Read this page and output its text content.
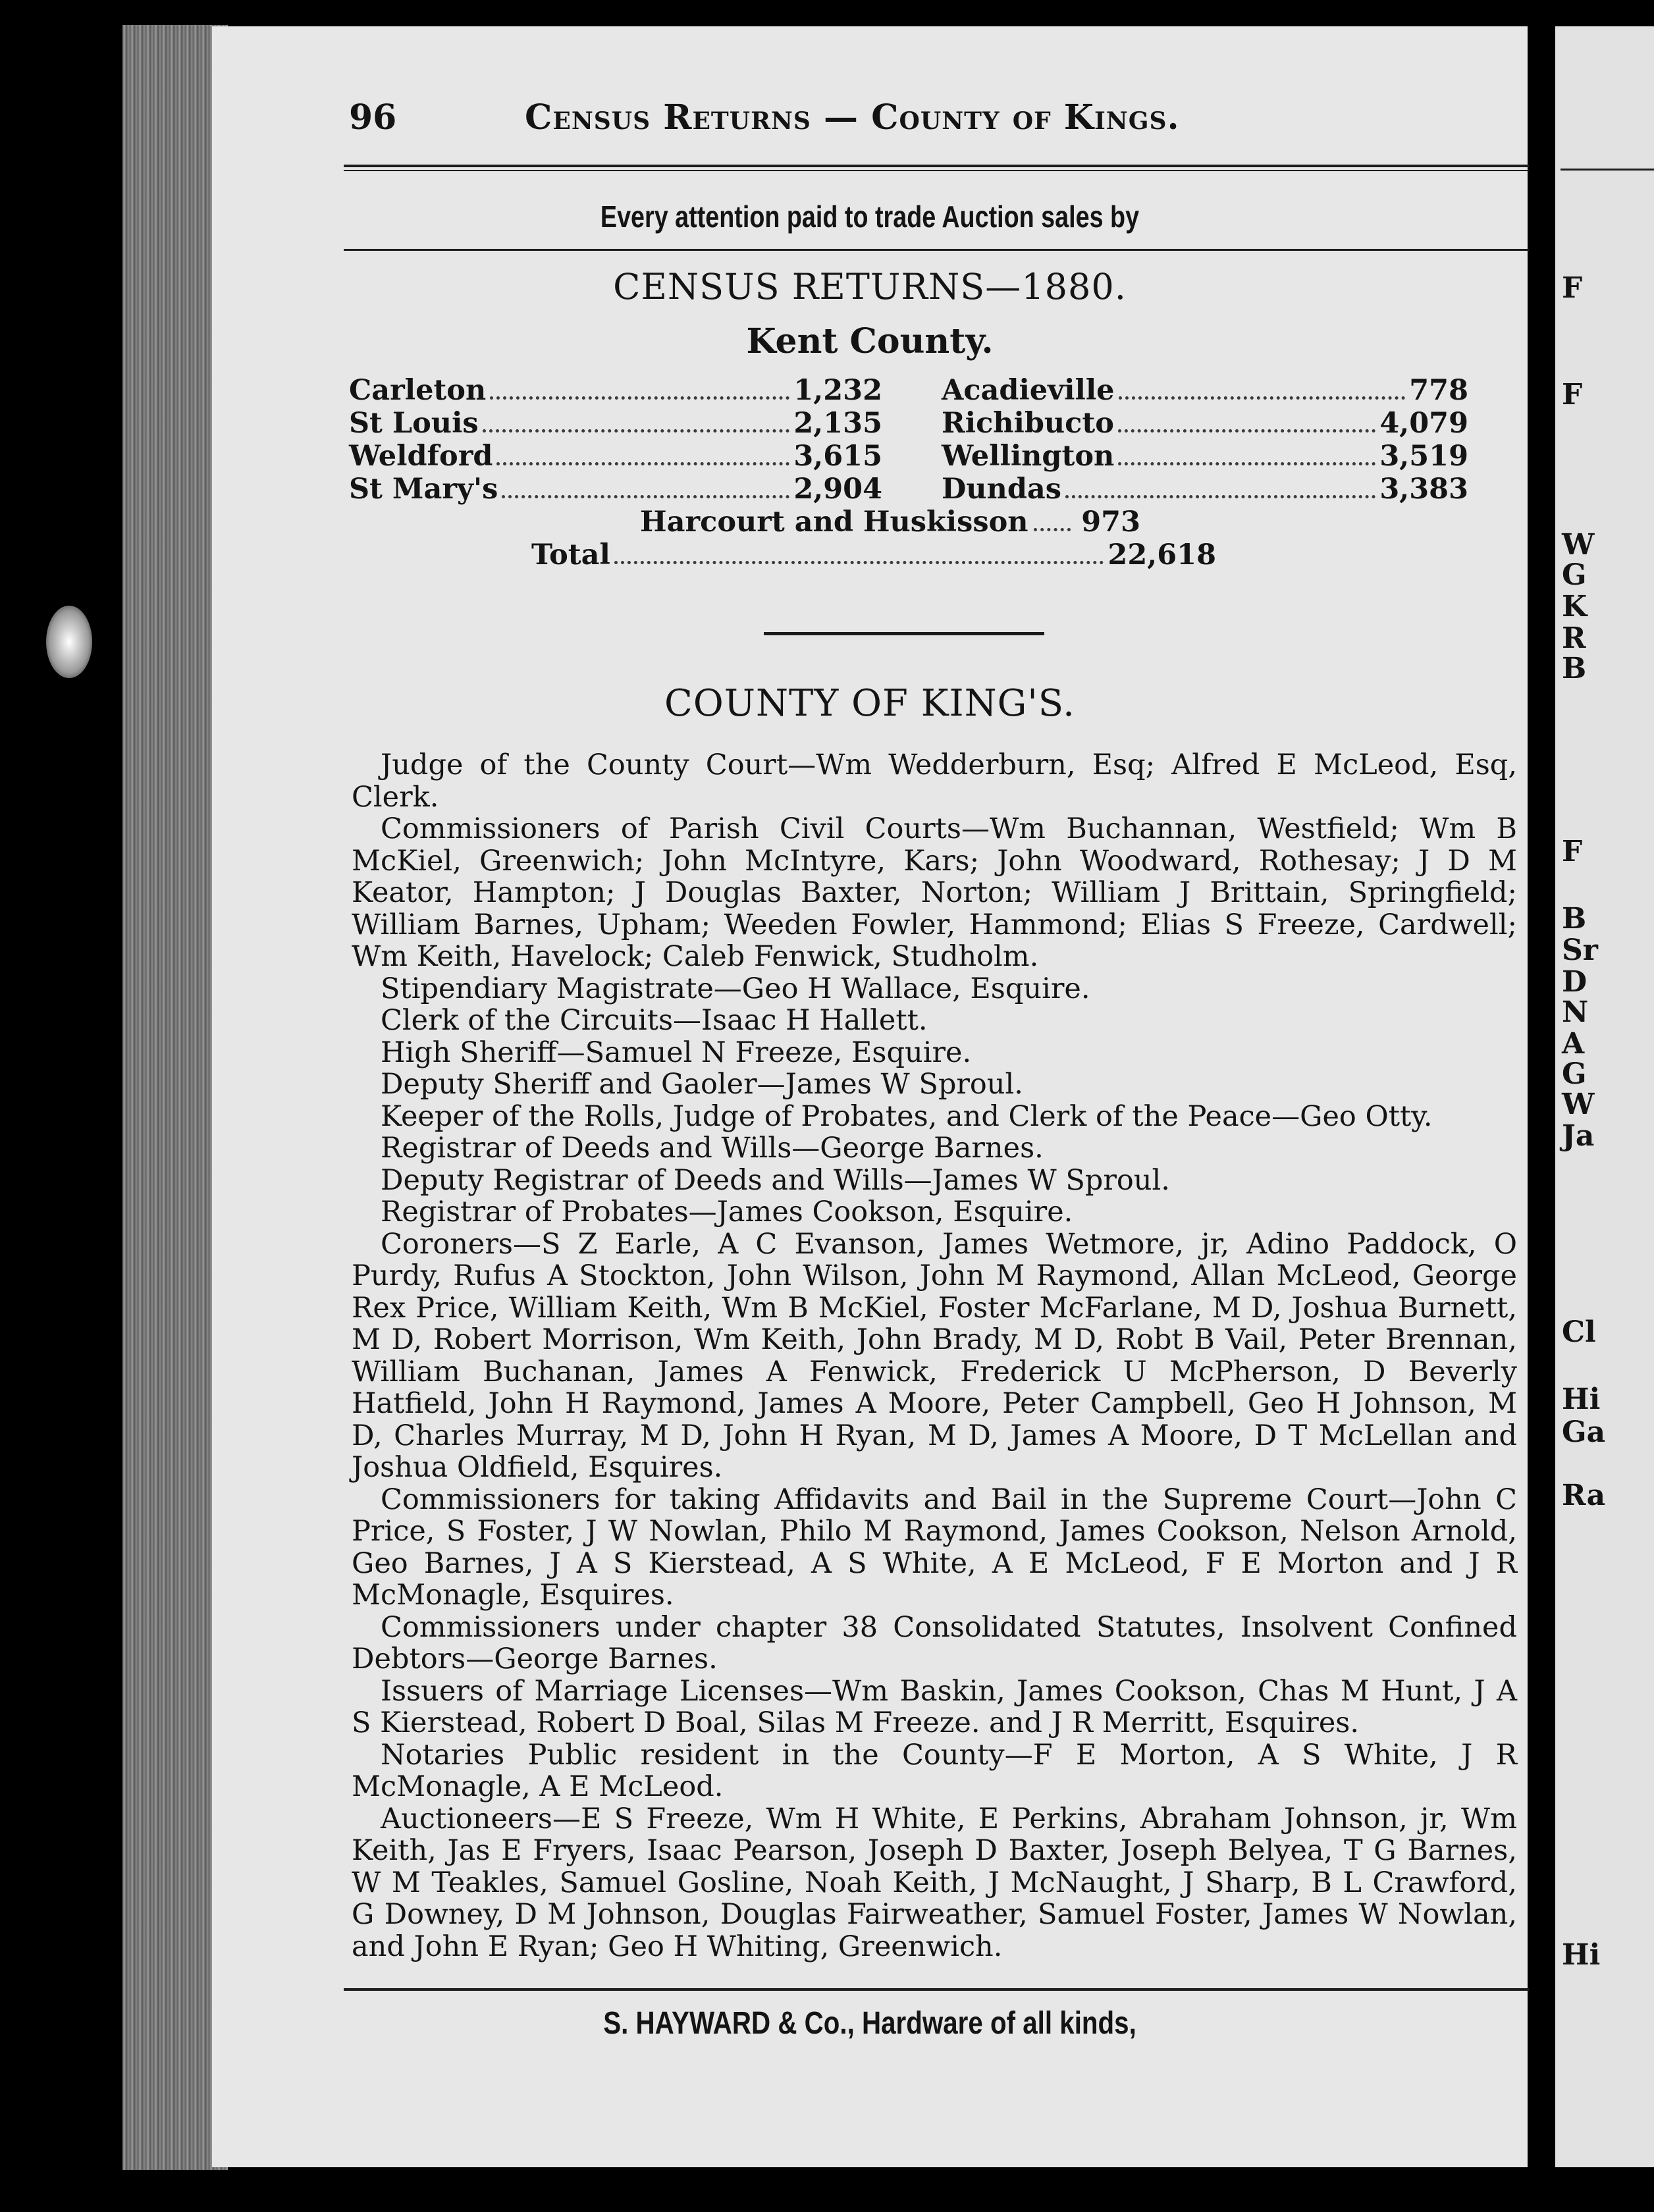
96	Census Returns — County of Kings.

Every attention paid to trade Auction sales by

CENSUS RETURNS—1880.
Kent County.
Carleton	1,232 Acadieville	778
St Louis	2,135 Richibucto	4,079
Weldford	3,615 Wellington	3,519
St Mary's	2,904 Dundas	3,383
Harcourt and Huskisson 973
Total	22,618
COUNTY OF KING'S.

Judge of the County Court—Wm Wedderburn, Esq; Alfred E McLeod, Esq, Clerk.

Commissioners of Parish Civil Courts—Wm Buchannan, Westfield; Wm B McKiel, Greenwich; John McIntyre, Kars; John Woodward, Rothesay; J D M Keator, Hampton; J Douglas Baxter, Norton; William J Brittain, Springfield; William Barnes, Upham; Weeden Fowler, Hammond; Elias S Freeze, Cardwell; Wm Keith, Havelock; Caleb Fenwick, Studholm.

Stipendiary Magistrate—Geo H Wallace, Esquire.

Clerk of the Circuits—Isaac H Hallett.

High Sheriff—Samuel N Freeze, Esquire.

Deputy Sheriff and Gaoler—James W Sproul.

Keeper of the Rolls, Judge of Probates, and Clerk of the Peace—Geo Otty.

Registrar of Deeds and Wills—George Barnes.

Deputy Registrar of Deeds and Wills—James W Sproul.

Registrar of Probates—James Cookson, Esquire.

Coroners—S Z Earle, A C Evanson, James Wetmore, jr, Adino Paddock, O Purdy, Rufus A Stockton, John Wilson, John M Raymond, Allan McLeod, George Rex Price, William Keith, Wm B McKiel, Foster McFarlane, M D, Joshua Burnett, M D, Robert Morrison, Wm Keith, John Brady, M D, Robt B Vail, Peter Brennan, William Buchanan, James A Fenwick, Frederick U McPherson, D Beverly Hatfield, John H Raymond, James A Moore, Peter Campbell, Geo H Johnson, M D, Charles Murray, M D, John H Ryan, M D, James A Moore, D T McLellan and Joshua Oldfield, Esquires.

Commissioners for taking Affidavits and Bail in the Supreme Court—John C Price, S Foster, J W Nowlan, Philo M Raymond, James Cookson, Nelson Arnold, Geo Barnes, J A S Kierstead, A S White, A E McLeod, F E Morton and J R McMonagle, Esquires.

Commissioners under chapter 38 Consolidated Statutes, Insolvent Confined Debtors—George Barnes.

Issuers of Marriage Licenses—Wm Baskin, James Cookson, Chas M Hunt, J A S Kierstead, Robert D Boal, Silas M Freeze. and J R Merritt, Esquires.

Notaries Public resident in the County—F E Morton, A S White, J R McMonagle, A E McLeod.

Auctioneers—E S Freeze, Wm H White, E Perkins, Abraham Johnson, jr, Wm Keith, Jas E Fryers, Isaac Pearson, Joseph D Baxter, Joseph Belyea, T G Barnes, W M Teakles, Samuel Gosline, Noah Keith, J McNaught, J Sharp, B L Crawford, G Downey, D M Johnson, Douglas Fairweather, Samuel Foster, James W Nowlan, and John E Ryan; Geo H Whiting, Greenwich.

S. HAYWARD & Co., Hardware of all kinds,

F
F
W
G
K
R
B
F
B
Sr
D
N
A
G
W
Ja
Cl
Hi
Ga
Ra
Hi
